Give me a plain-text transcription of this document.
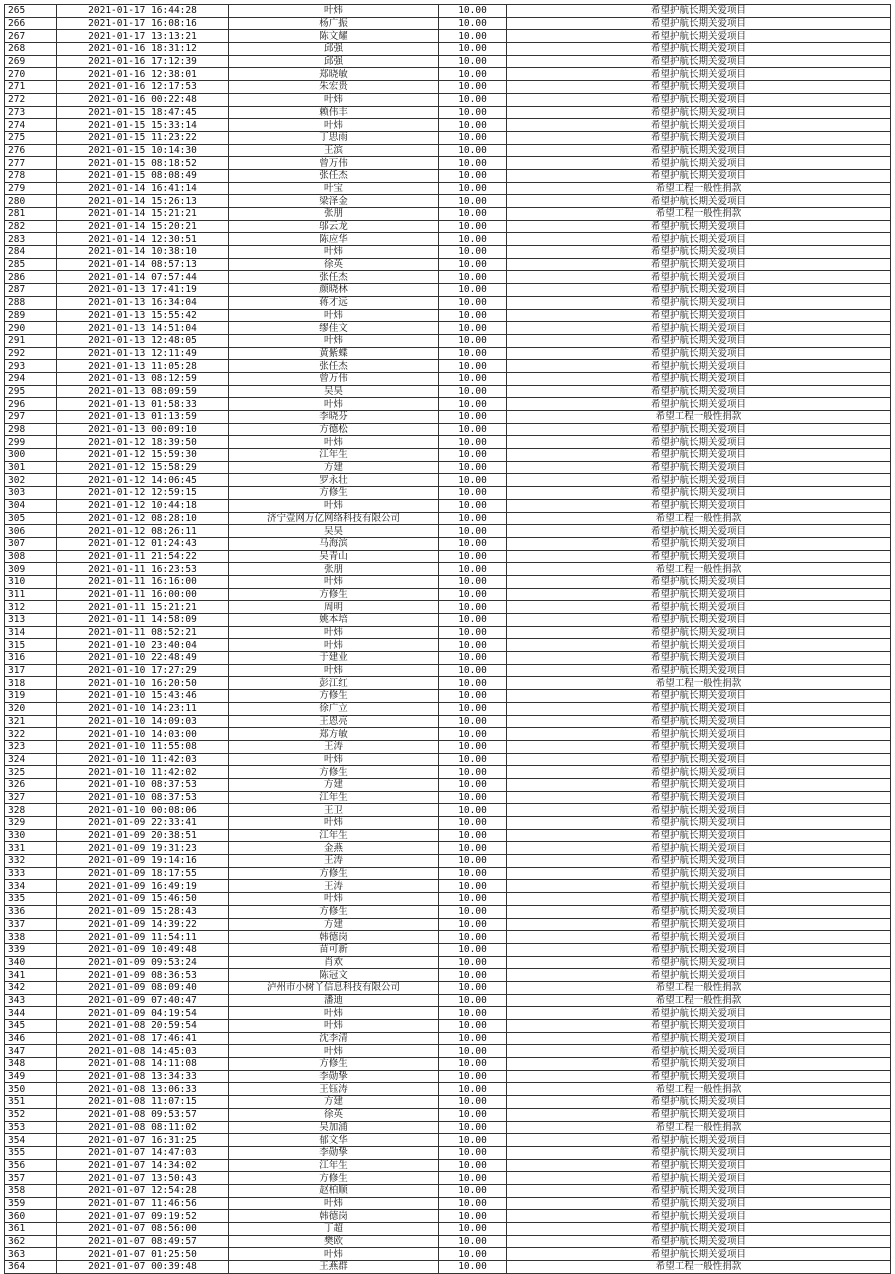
265	2021-01-17 16:44:28	叶炜	10.00	希望护航长期关爱项目
266	2021-01-17 16:08:16	杨广振	10.00	希望护航长期关爱项目
267	2021-01-17 13:13:21	陈文耀	10.00	希望护航长期关爱项目
268	2021-01-16 18:31:12	邱强	10.00	希望护航长期关爱项目
269	2021-01-16 17:12:39	邱强	10.00	希望护航长期关爱项目
270	2021-01-16 12:38:01	郑晓敏	10.00	希望护航长期关爱项目
271	2021-01-16 12:17:53	朱宏贵	10.00	希望护航长期关爱项目
272	2021-01-16 00:22:48	叶炜	10.00	希望护航长期关爱项目
273	2021-01-15 18:47:45	赖伟丰	10.00	希望护航长期关爱项目
274	2021-01-15 15:33:14	叶炜	10.00	希望护航长期关爱项目
275	2021-01-15 11:23:22	丁思雨	10.00	希望护航长期关爱项目
276	2021-01-15 10:14:30	王滨	10.00	希望护航长期关爱项目
277	2021-01-15 08:18:52	曾万伟	10.00	希望护航长期关爱项目
278	2021-01-15 08:08:49	张任杰	10.00	希望护航长期关爱项目
279	2021-01-14 16:41:14	叶宝	10.00	希望工程一般性捐款
280	2021-01-14 15:26:13	梁泽金	10.00	希望护航长期关爱项目
281	2021-01-14 15:21:21	张朋	10.00	希望工程一般性捐款
282	2021-01-14 15:20:21	邬云龙	10.00	希望护航长期关爱项目
283	2021-01-14 12:30:51	陈应华	10.00	希望护航长期关爱项目
284	2021-01-14 10:38:10	叶炜	10.00	希望护航长期关爱项目
285	2021-01-14 08:57:13	徐英	10.00	希望护航长期关爱项目
286	2021-01-14 07:57:44	张任杰	10.00	希望护航长期关爱项目
287	2021-01-13 17:41:19	颜晓林	10.00	希望护航长期关爱项目
288	2021-01-13 16:34:04	蒋才远	10.00	希望护航长期关爱项目
289	2021-01-13 15:55:42	叶炜	10.00	希望护航长期关爱项目
290	2021-01-13 14:51:04	缪佳文	10.00	希望护航长期关爱项目
291	2021-01-13 12:48:05	叶炜	10.00	希望护航长期关爱项目
292	2021-01-13 12:11:49	黄紫蝶	10.00	希望护航长期关爱项目
293	2021-01-13 11:05:28	张任杰	10.00	希望护航长期关爱项目
294	2021-01-13 08:12:59	曾万伟	10.00	希望护航长期关爱项目
295	2021-01-13 08:09:59	吴昊	10.00	希望护航长期关爱项目
296	2021-01-13 01:58:33	叶炜	10.00	希望护航长期关爱项目
297	2021-01-13 01:13:59	李晓芬	10.00	希望工程一般性捐款
298	2021-01-13 00:09:10	方德松	10.00	希望护航长期关爱项目
299	2021-01-12 18:39:50	叶炜	10.00	希望护航长期关爱项目
300	2021-01-12 15:59:30	江年生	10.00	希望护航长期关爱项目
301	2021-01-12 15:58:29	方建	10.00	希望护航长期关爱项目
302	2021-01-12 14:06:45	罗永壮	10.00	希望护航长期关爱项目
303	2021-01-12 12:59:15	方修生	10.00	希望护航长期关爱项目
304	2021-01-12 10:44:18	叶炜	10.00	希望护航长期关爱项目
305	2021-01-12 08:28:10	济宁壹网万亿网络科技有限公司	10.00	希望工程一般性捐款
306	2021-01-12 08:26:11	吴昊	10.00	希望护航长期关爱项目
307	2021-01-12 01:24:43	马海滨	10.00	希望护航长期关爱项目
308	2021-01-11 21:54:22	吴青山	10.00	希望护航长期关爱项目
309	2021-01-11 16:23:53	张朋	10.00	希望工程一般性捐款
310	2021-01-11 16:16:00	叶炜	10.00	希望护航长期关爱项目
311	2021-01-11 16:00:00	方修生	10.00	希望护航长期关爱项目
312	2021-01-11 15:21:21	周明	10.00	希望护航长期关爱项目
313	2021-01-11 14:58:09	姚本培	10.00	希望护航长期关爱项目
314	2021-01-11 08:52:21	叶炜	10.00	希望护航长期关爱项目
315	2021-01-10 23:40:04	叶炜	10.00	希望护航长期关爱项目
316	2021-01-10 22:48:49	于建业	10.00	希望护航长期关爱项目
317	2021-01-10 17:27:29	叶炜	10.00	希望护航长期关爱项目
318	2021-01-10 16:20:50	彭江红	10.00	希望工程一般性捐款
319	2021-01-10 15:43:46	方修生	10.00	希望护航长期关爱项目
320	2021-01-10 14:23:11	徐广立	10.00	希望护航长期关爱项目
321	2021-01-10 14:09:03	王恩亮	10.00	希望护航长期关爱项目
322	2021-01-10 14:03:00	郑方敏	10.00	希望护航长期关爱项目
323	2021-01-10 11:55:08	王涛	10.00	希望护航长期关爱项目
324	2021-01-10 11:42:03	叶炜	10.00	希望护航长期关爱项目
325	2021-01-10 11:42:02	方修生	10.00	希望护航长期关爱项目
326	2021-01-10 08:37:53	方建	10.00	希望护航长期关爱项目
327	2021-01-10 08:37:53	江年生	10.00	希望护航长期关爱项目
328	2021-01-10 00:08:06	王卫	10.00	希望护航长期关爱项目
329	2021-01-09 22:33:41	叶炜	10.00	希望护航长期关爱项目
330	2021-01-09 20:38:51	江年生	10.00	希望护航长期关爱项目
331	2021-01-09 19:31:23	金燕	10.00	希望护航长期关爱项目
332	2021-01-09 19:14:16	王涛	10.00	希望护航长期关爱项目
333	2021-01-09 18:17:55	方修生	10.00	希望护航长期关爱项目
334	2021-01-09 16:49:19	王涛	10.00	希望护航长期关爱项目
335	2021-01-09 15:46:50	叶炜	10.00	希望护航长期关爱项目
336	2021-01-09 15:28:43	方修生	10.00	希望护航长期关爱项目
337	2021-01-09 14:39:22	方建	10.00	希望护航长期关爱项目
338	2021-01-09 11:54:11	韩德岗	10.00	希望护航长期关爱项目
339	2021-01-09 10:49:48	苗可新	10.00	希望护航长期关爱项目
340	2021-01-09 09:53:24	肖欢	10.00	希望护航长期关爱项目
341	2021-01-09 08:36:53	陈冠文	10.00	希望护航长期关爱项目
342	2021-01-09 08:09:40	泸州市小树丫信息科技有限公司	10.00	希望工程一般性捐款
343	2021-01-09 07:40:47	潘迪	10.00	希望工程一般性捐款
344	2021-01-09 04:19:54	叶炜	10.00	希望护航长期关爱项目
345	2021-01-08 20:59:54	叶炜	10.00	希望护航长期关爱项目
346	2021-01-08 17:46:41	沈李清	10.00	希望护航长期关爱项目
347	2021-01-08 14:45:03	叶炜	10.00	希望护航长期关爱项目
348	2021-01-08 14:11:08	方修生	10.00	希望护航长期关爱项目
349	2021-01-08 13:34:33	李勋挚	10.00	希望护航长期关爱项目
350	2021-01-08 13:06:33	王钰涛	10.00	希望工程一般性捐款
351	2021-01-08 11:07:15	方建	10.00	希望护航长期关爱项目
352	2021-01-08 09:53:57	徐英	10.00	希望护航长期关爱项目
353	2021-01-08 08:11:02	吴加浦	10.00	希望工程一般性捐款
354	2021-01-07 16:31:25	郁文华	10.00	希望护航长期关爱项目
355	2021-01-07 14:47:03	李勋挚	10.00	希望护航长期关爱项目
356	2021-01-07 14:34:02	江年生	10.00	希望护航长期关爱项目
357	2021-01-07 13:50:43	方修生	10.00	希望护航长期关爱项目
358	2021-01-07 12:54:28	赵柏顺	10.00	希望护航长期关爱项目
359	2021-01-07 11:46:56	叶炜	10.00	希望护航长期关爱项目
360	2021-01-07 09:19:52	韩德岗	10.00	希望护航长期关爱项目
361	2021-01-07 08:56:00	丁超	10.00	希望护航长期关爱项目
362	2021-01-07 08:49:57	樊欧	10.00	希望护航长期关爱项目
363	2021-01-07 01:25:50	叶炜	10.00	希望护航长期关爱项目
364	2021-01-07 00:39:48	王燕群	10.00	希望工程一般性捐款
